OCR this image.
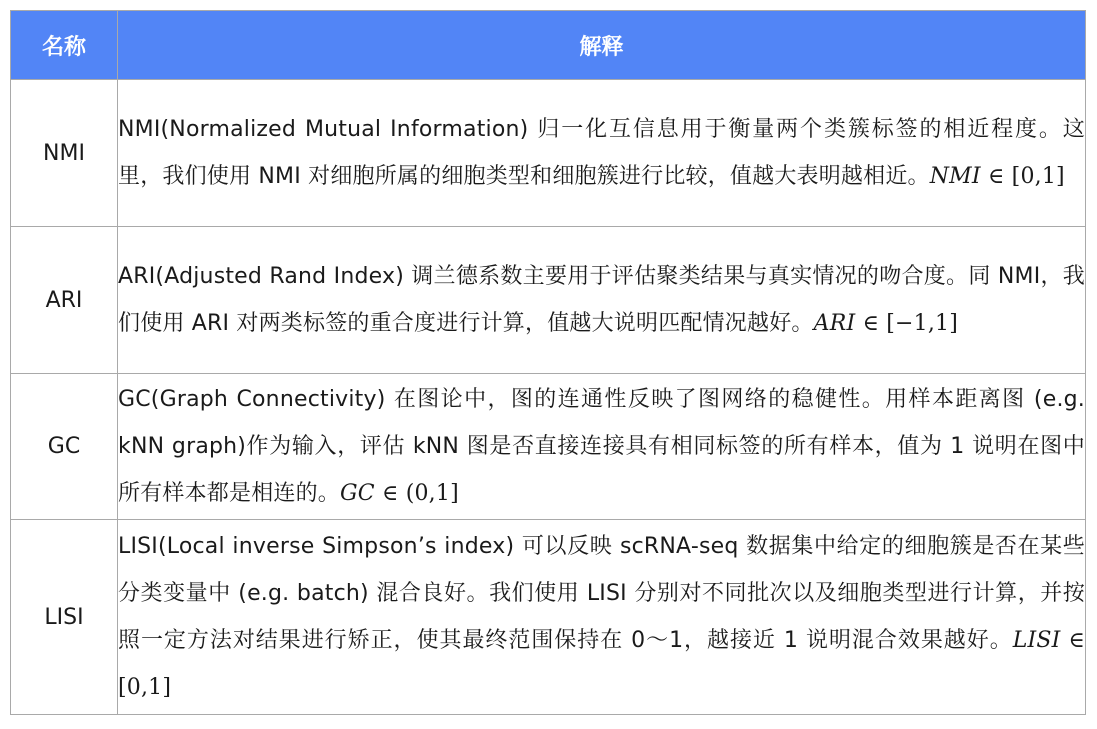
名称	解释
NMI	NMI(Normalized Mutual Information) 归一化互信息用于衡量两个类簇标签的相近程度。这里，我们使用 NMI 对细胞所属的细胞类型和细胞簇进行比较，值越大表明越相近。NMI ∈ [0,1]
ARI	ARI(Adjusted Rand Index) 调兰德系数主要用于评估聚类结果与真实情况的吻合度。同 NMI，我们使用 ARI 对两类标签的重合度进行计算，值越大说明匹配情况越好。ARI ∈ [−1,1]
GC	GC(Graph Connectivity) 在图论中，图的连通性反映了图网络的稳健性。用样本距离图 (e.g. kNN graph)作为输入，评估 kNN 图是否直接连接具有相同标签的所有样本，值为 1 说明在图中所有样本都是相连的。GC ∈ (0,1]
LISI	LISI(Local inverse Simpson’s index) 可以反映 scRNA-seq 数据集中给定的细胞簇是否在某些分类变量中 (e.g. batch) 混合良好。我们使用 LISI 分别对不同批次以及细胞类型进行计算，并按照一定方法对结果进行矫正，使其最终范围保持在 0～1，越接近 1 说明混合效果越好。LISI ∈ [0,1]
